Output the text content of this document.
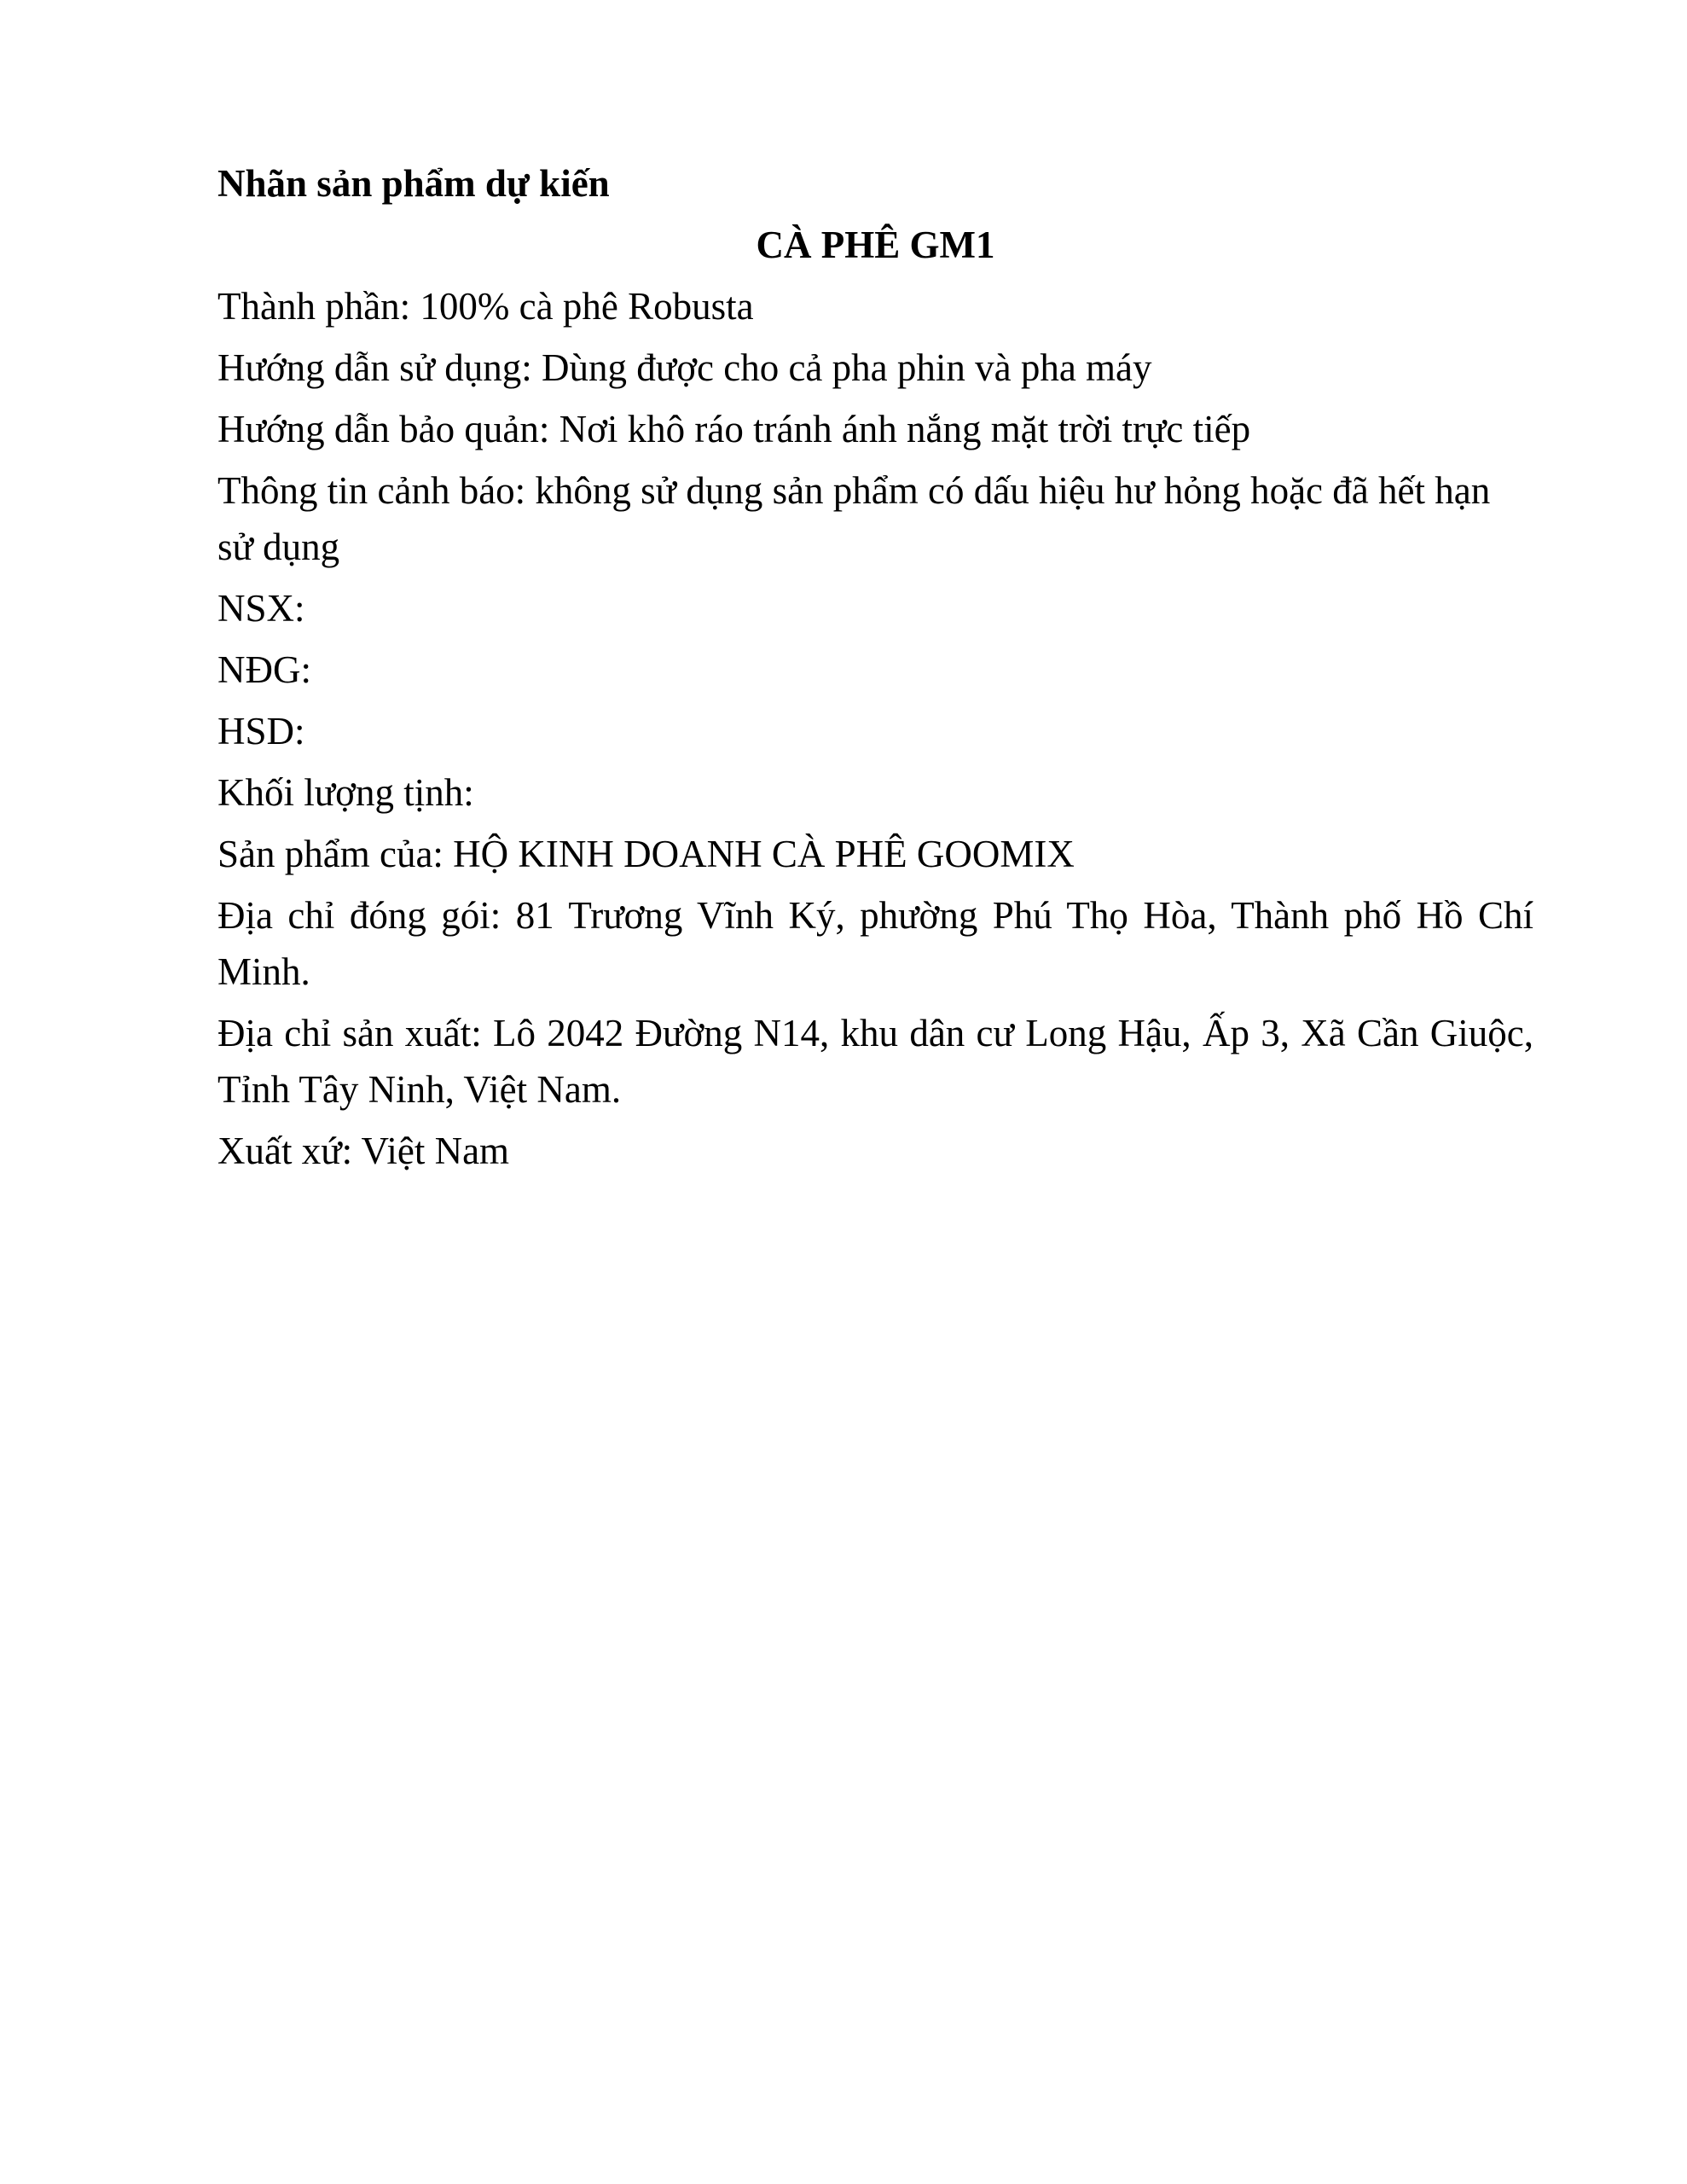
Nhãn sản phẩm dự kiến

CÀ PHÊ GM1

Thành phần: 100% cà phê Robusta

Hướng dẫn sử dụng: Dùng được cho cả pha phin và pha máy

Hướng dẫn bảo quản: Nơi khô ráo tránh ánh nắng mặt trời trực tiếp

Thông tin cảnh báo: không sử dụng sản phẩm có dấu hiệu hư hỏng hoặc đã hết hạn sử dụng

NSX:

NĐG:

HSD:

Khối lượng tịnh:

Sản phẩm của: HỘ KINH DOANH CÀ PHÊ GOOMIX

Địa chỉ đóng gói: 81 Trương Vĩnh Ký, phường Phú Thọ Hòa, Thành phố Hồ Chí Minh.

Địa chỉ sản xuất: Lô 2042 Đường N14, khu dân cư Long Hậu, Ấp 3, Xã Cần Giuộc, Tỉnh Tây Ninh, Việt Nam.

Xuất xứ: Việt Nam
